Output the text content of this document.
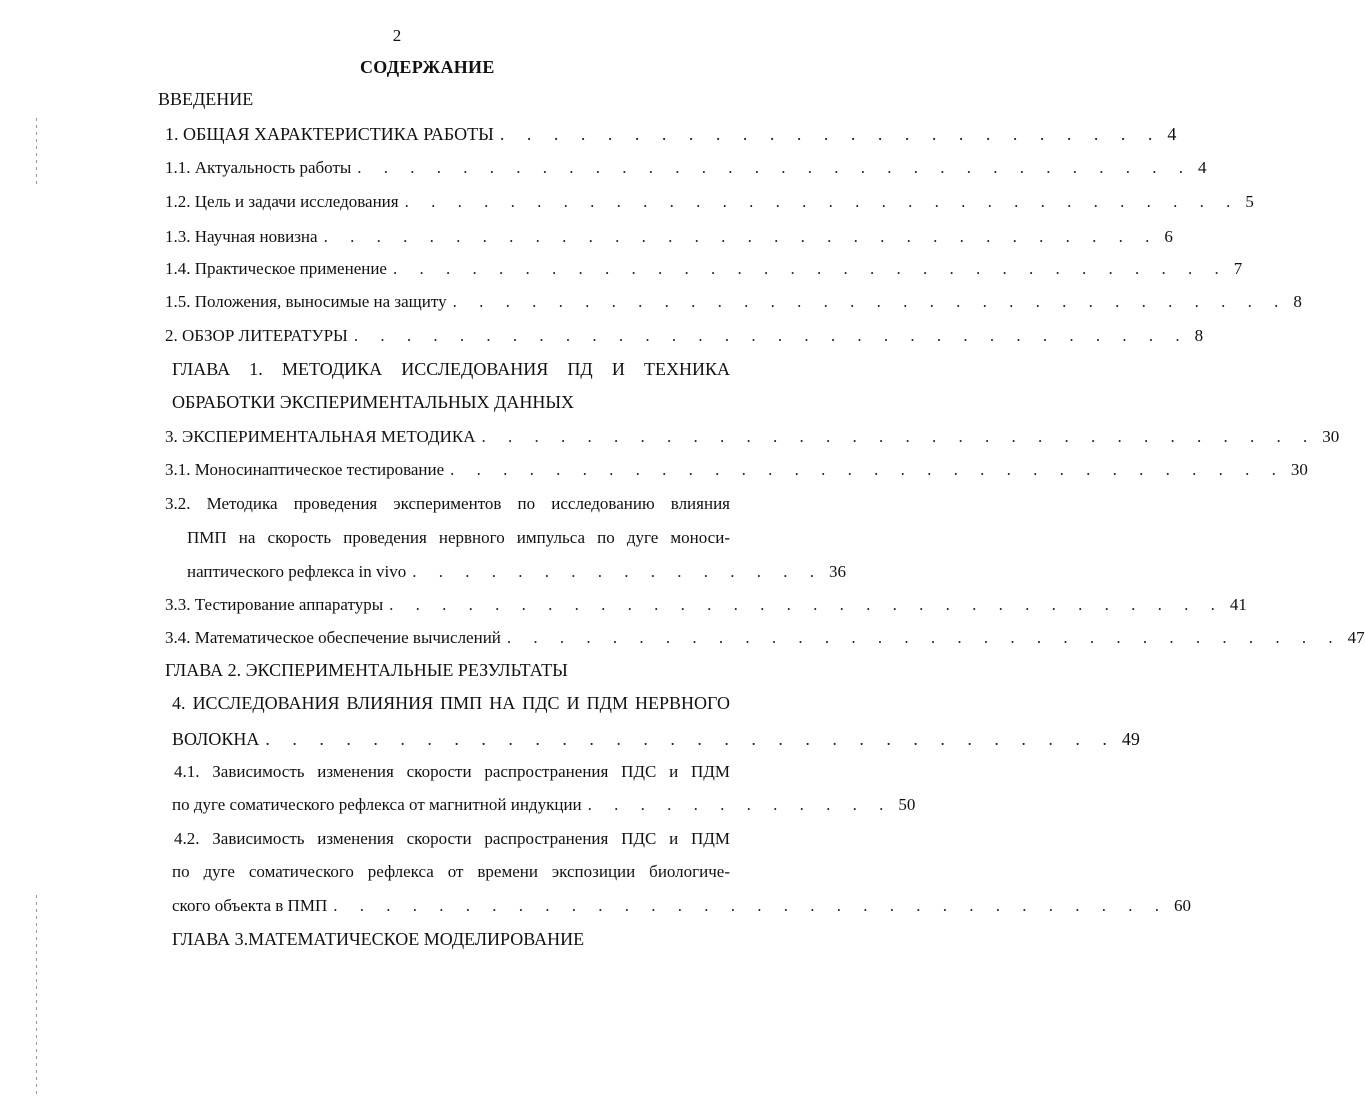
2
СОДЕРЖАНИЕ
ВВЕДЕНИЕ
1. ОБЩАЯ ХАРАКТЕРИСТИКА РАБОТЫ . . . . . . . . . . . . . . . . . . . . . . . . . 4
1.1. Актуальность работы . . . . . . . . . . . . . . . . . . . . . . . . . . . . . . . . 4
1.2. Цель и задачи исследования . . . . . . . . . . . . . . . . . . . . . . . . . . . . . . . . 5
1.3. Научная новизна . . . . . . . . . . . . . . . . . . . . . . . . . . . . . . . . 6
1.4. Практическое применение . . . . . . . . . . . . . . . . . . . . . . . . . . . . . . . . 7
1.5. Положения, выносимые на защиту . . . . . . . . . . . . . . . . . . . . . . . . . . . . . . . . 8
2. ОБЗОР ЛИТЕРАТУРЫ . . . . . . . . . . . . . . . . . . . . . . . . . . . . . . . . 8
ГЛАВА 1. МЕТОДИКА ИССЛЕДОВАНИЯ ПД И ТЕХНИКА
ОБРАБОТКИ ЭКСПЕРИМЕНТАЛЬНЫХ ДАННЫХ
3. ЭКСПЕРИМЕНТАЛЬНАЯ МЕТОДИКА . . . . . . . . . . . . . . . . . . . . . . . . . . . . . . . . 30
3.1. Моносинаптическое тестирование . . . . . . . . . . . . . . . . . . . . . . . . . . . . . . . . 30
3.2. Методика проведения экспериментов по исследованию влияния
ПМП на скорость проведения нервного импульса по дуге моноси-
наптического рефлекса in vivo . . . . . . . . . . . . . . . . 36
3.3. Тестирование аппаратуры . . . . . . . . . . . . . . . . . . . . . . . . . . . . . . . . 41
3.4. Математическое обеспечение вычислений . . . . . . . . . . . . . . . . . . . . . . . . . . . . . . . . 47
ГЛАВА 2. ЭКСПЕРИМЕНТАЛЬНЫЕ РЕЗУЛЬТАТЫ
4. ИССЛЕДОВАНИЯ ВЛИЯНИЯ ПМП НА ПДС И ПДМ НЕРВНОГО
ВОЛОКНА . . . . . . . . . . . . . . . . . . . . . . . . . . . . . . . . 49
4.1. Зависимость изменения скорости распространения ПДС и ПДМ
по дуге соматического рефлекса от магнитной индукции . . . . . . . . . . . . 50
4.2. Зависимость изменения скорости распространения ПДС и ПДМ
по дуге соматического рефлекса от времени экспозиции биологиче-
ского объекта в ПМП . . . . . . . . . . . . . . . . . . . . . . . . . . . . . . . . 60
ГЛАВА 3.МАТЕМАТИЧЕСКОЕ МОДЕЛИРОВАНИЕ
